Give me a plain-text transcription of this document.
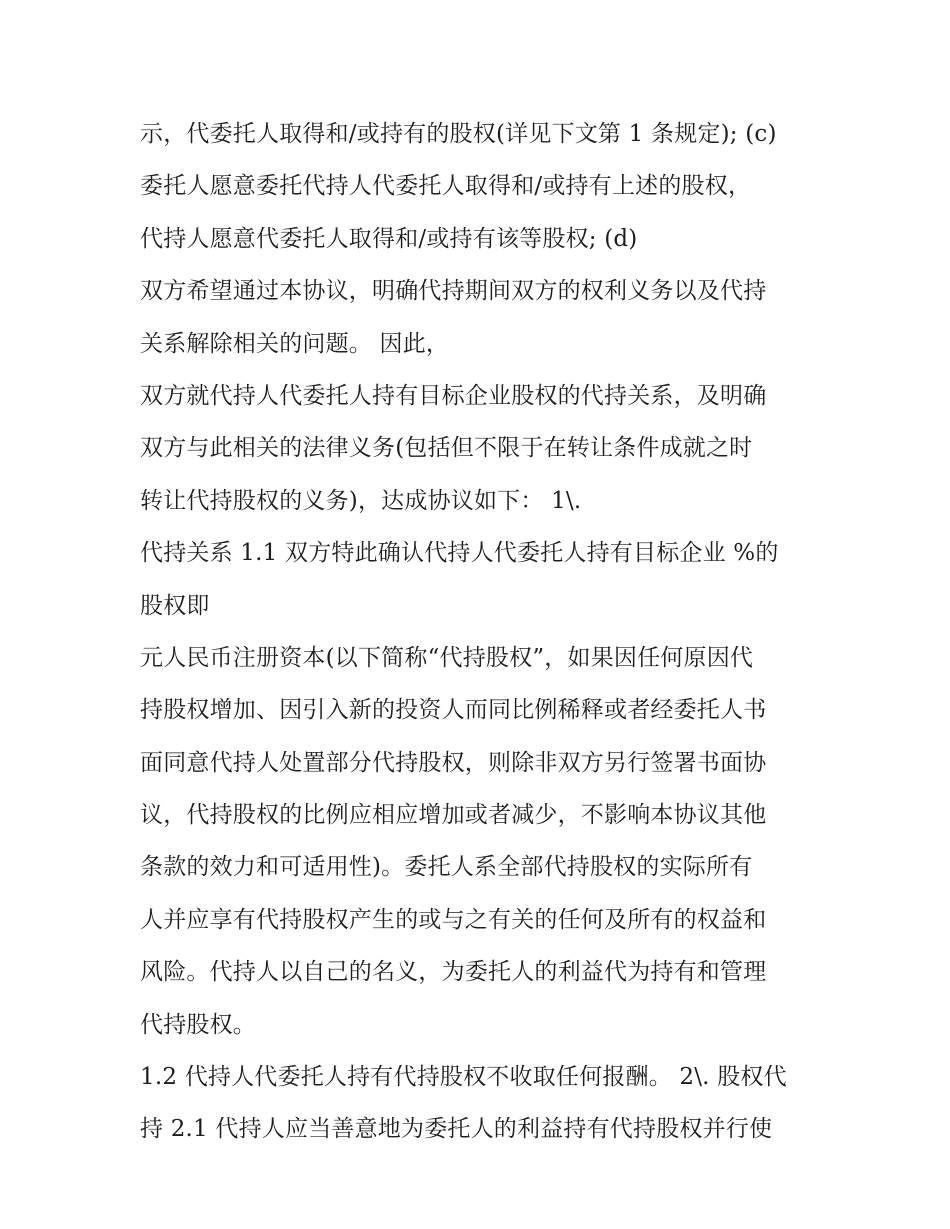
示，代委托人取得和/或持有的股权(详见下文第 1 条规定); (c)
委托人愿意委托代持人代委托人取得和/或持有上述的股权，
代持人愿意代委托人取得和/或持有该等股权; (d)
双方希望通过本协议，明确代持期间双方的权利义务以及代持
关系解除相关的问题。 因此，
双方就代持人代委托人持有目标企业股权的代持关系，及明确
双方与此相关的法律义务(包括但不限于在转让条件成就之时
转让代持股权的义务)，达成协议如下： 1\.
代持关系 1.1 双方特此确认代持人代委托人持有目标企业 %的
股权即
元人民币注册资本(以下简称“代持股权”，如果因任何原因代
持股权增加、因引入新的投资人而同比例稀释或者经委托人书
面同意代持人处置部分代持股权，则除非双方另行签署书面协
议，代持股权的比例应相应增加或者减少，不影响本协议其他
条款的效力和可适用性)。委托人系全部代持股权的实际所有
人并应享有代持股权产生的或与之有关的任何及所有的权益和
风险。代持人以自己的名义，为委托人的利益代为持有和管理
代持股权。
1.2 代持人代委托人持有代持股权不收取任何报酬。 2\. 股权代
持 2.1 代持人应当善意地为委托人的利益持有代持股权并行使
